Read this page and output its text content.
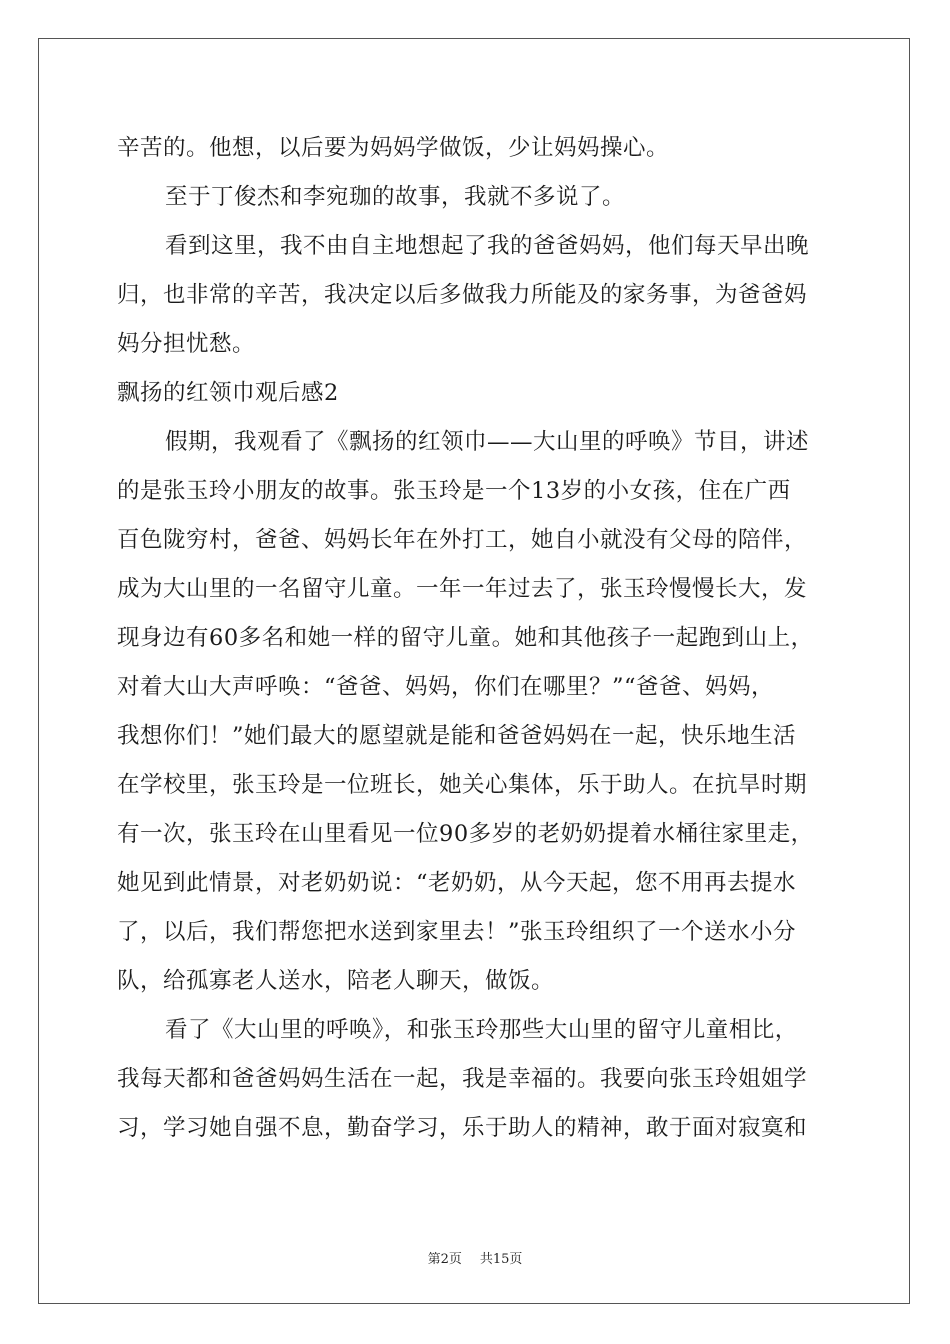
辛苦的。他想，以后要为妈妈学做饭，少让妈妈操心。
至于丁俊杰和李宛珈的故事，我就不多说了。
看到这里，我不由自主地想起了我的爸爸妈妈，他们每天早出晚
归，也非常的辛苦，我决定以后多做我力所能及的家务事，为爸爸妈
妈分担忧愁。
飘扬的红领巾观后感2
假期，我观看了《飘扬的红领巾——大山里的呼唤》节目，讲述
的是张玉玲小朋友的故事。张玉玲是一个13岁的小女孩，住在广西
百色陇穷村，爸爸、妈妈长年在外打工，她自小就没有父母的陪伴，
成为大山里的一名留守儿童。一年一年过去了，张玉玲慢慢长大，发
现身边有60多名和她一样的留守儿童。她和其他孩子一起跑到山上，
对着大山大声呼唤：“爸爸、妈妈，你们在哪里？”“爸爸、妈妈，
我想你们！”她们最大的愿望就是能和爸爸妈妈在一起，快乐地生活
在学校里，张玉玲是一位班长，她关心集体，乐于助人。在抗旱时期
有一次，张玉玲在山里看见一位90多岁的老奶奶提着水桶往家里走，
她见到此情景，对老奶奶说：“老奶奶，从今天起，您不用再去提水
了，以后，我们帮您把水送到家里去！”张玉玲组织了一个送水小分
队，给孤寡老人送水，陪老人聊天，做饭。
看了《大山里的呼唤》，和张玉玲那些大山里的留守儿童相比，
我每天都和爸爸妈妈生活在一起，我是幸福的。我要向张玉玲姐姐学
习，学习她自强不息，勤奋学习，乐于助人的精神，敢于面对寂寞和
第2页 共15页
